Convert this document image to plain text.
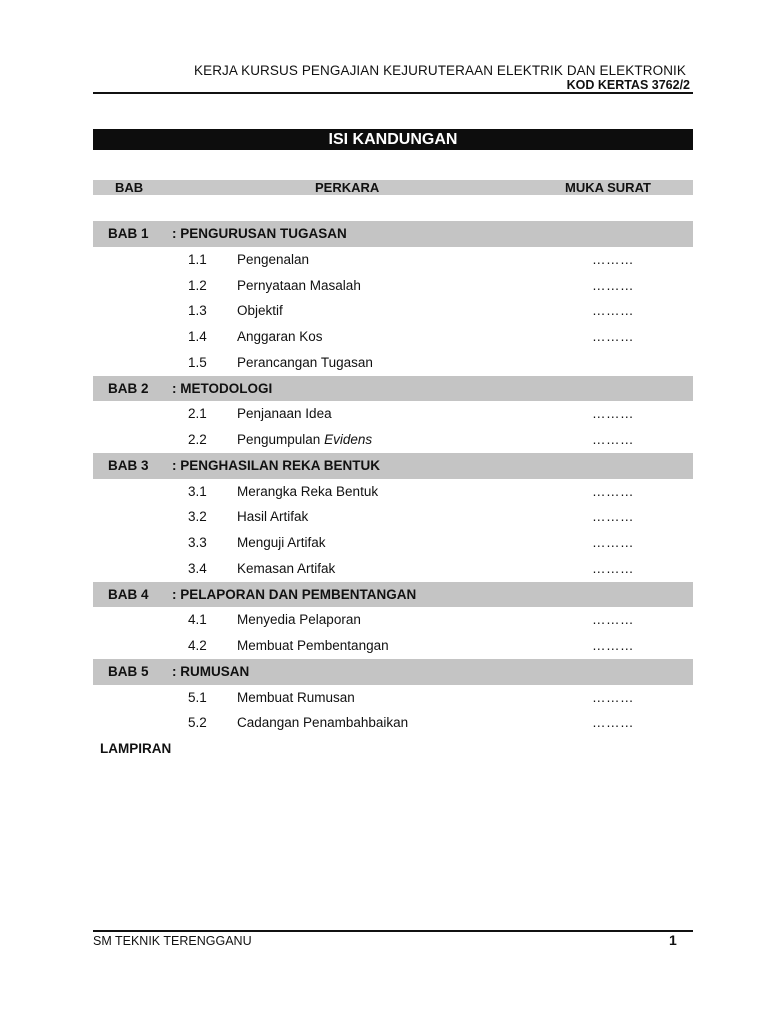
KERJA KURSUS PENGAJIAN KEJURUTERAAN ELEKTRIK DAN ELEKTRONIK
KOD KERTAS 3762/2
ISI KANDUNGAN
BAB	PERKARA	MUKA SURAT
BAB 1 : PENGURUSAN TUGASAN
1.1 Pengenalan	………
1.2 Pernyataan Masalah	………
1.3 Objektif	………
1.4 Anggaran Kos	………
1.5 Perancangan Tugasan
BAB 2 : METODOLOGI
2.1 Penjanaan Idea	………
2.2 Pengumpulan Evidens	………
BAB 3 : PENGHASILAN REKA BENTUK
3.1 Merangka Reka Bentuk	………
3.2 Hasil Artifak	………
3.3 Menguji Artifak	………
3.4 Kemasan Artifak	………
BAB 4 : PELAPORAN DAN PEMBENTANGAN
4.1 Menyedia Pelaporan	………
4.2 Membuat Pembentangan	………
BAB 5 : RUMUSAN
5.1 Membuat Rumusan	………
5.2 Cadangan Penambahbaikan	………
LAMPIRAN
SM TEKNIK TERENGGANU	1
